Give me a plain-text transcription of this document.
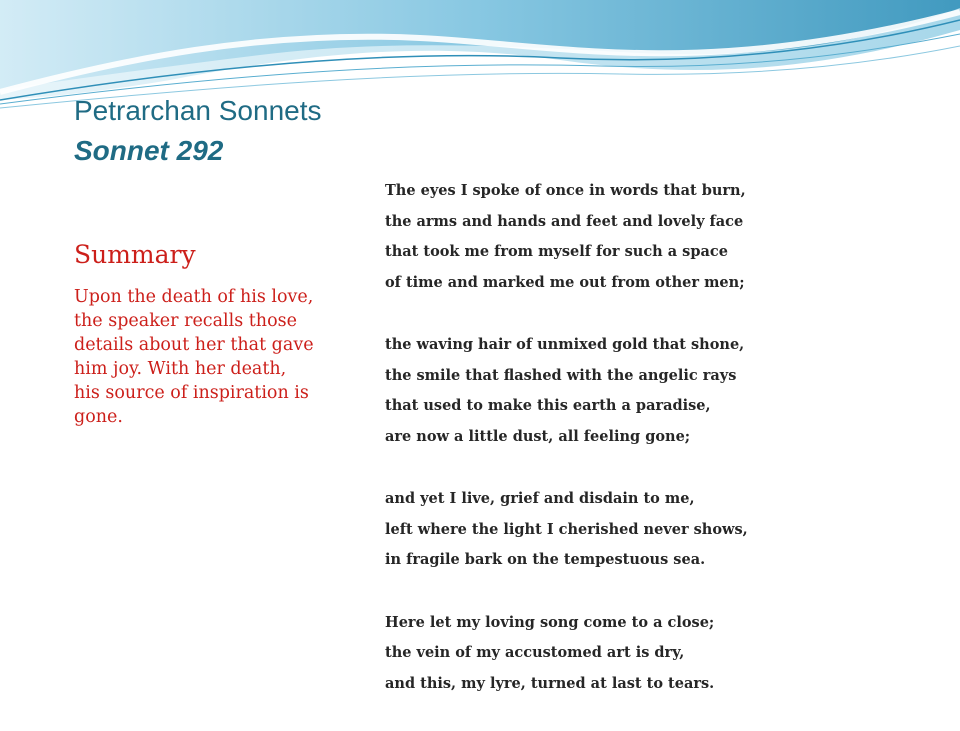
Petrarchan Sonnets
Sonnet 292
Summary
Upon the death of his love,
the speaker recalls those
details about her that gave
him joy. With her death,
his source of inspiration is
gone.
The eyes I spoke of once in words that burn,
the arms and hands and feet and lovely face
that took me from myself for such a space
of time and marked me out from other men;
the waving hair of unmixed gold that shone,
the smile that flashed with the angelic rays
that used to make this earth a paradise,
are now a little dust, all feeling gone;
and yet I live, grief and disdain to me,
left where the light I cherished never shows,
in fragile bark on the tempestuous sea.
Here let my loving song come to a close;
the vein of my accustomed art is dry,
and this, my lyre, turned at last to tears.
